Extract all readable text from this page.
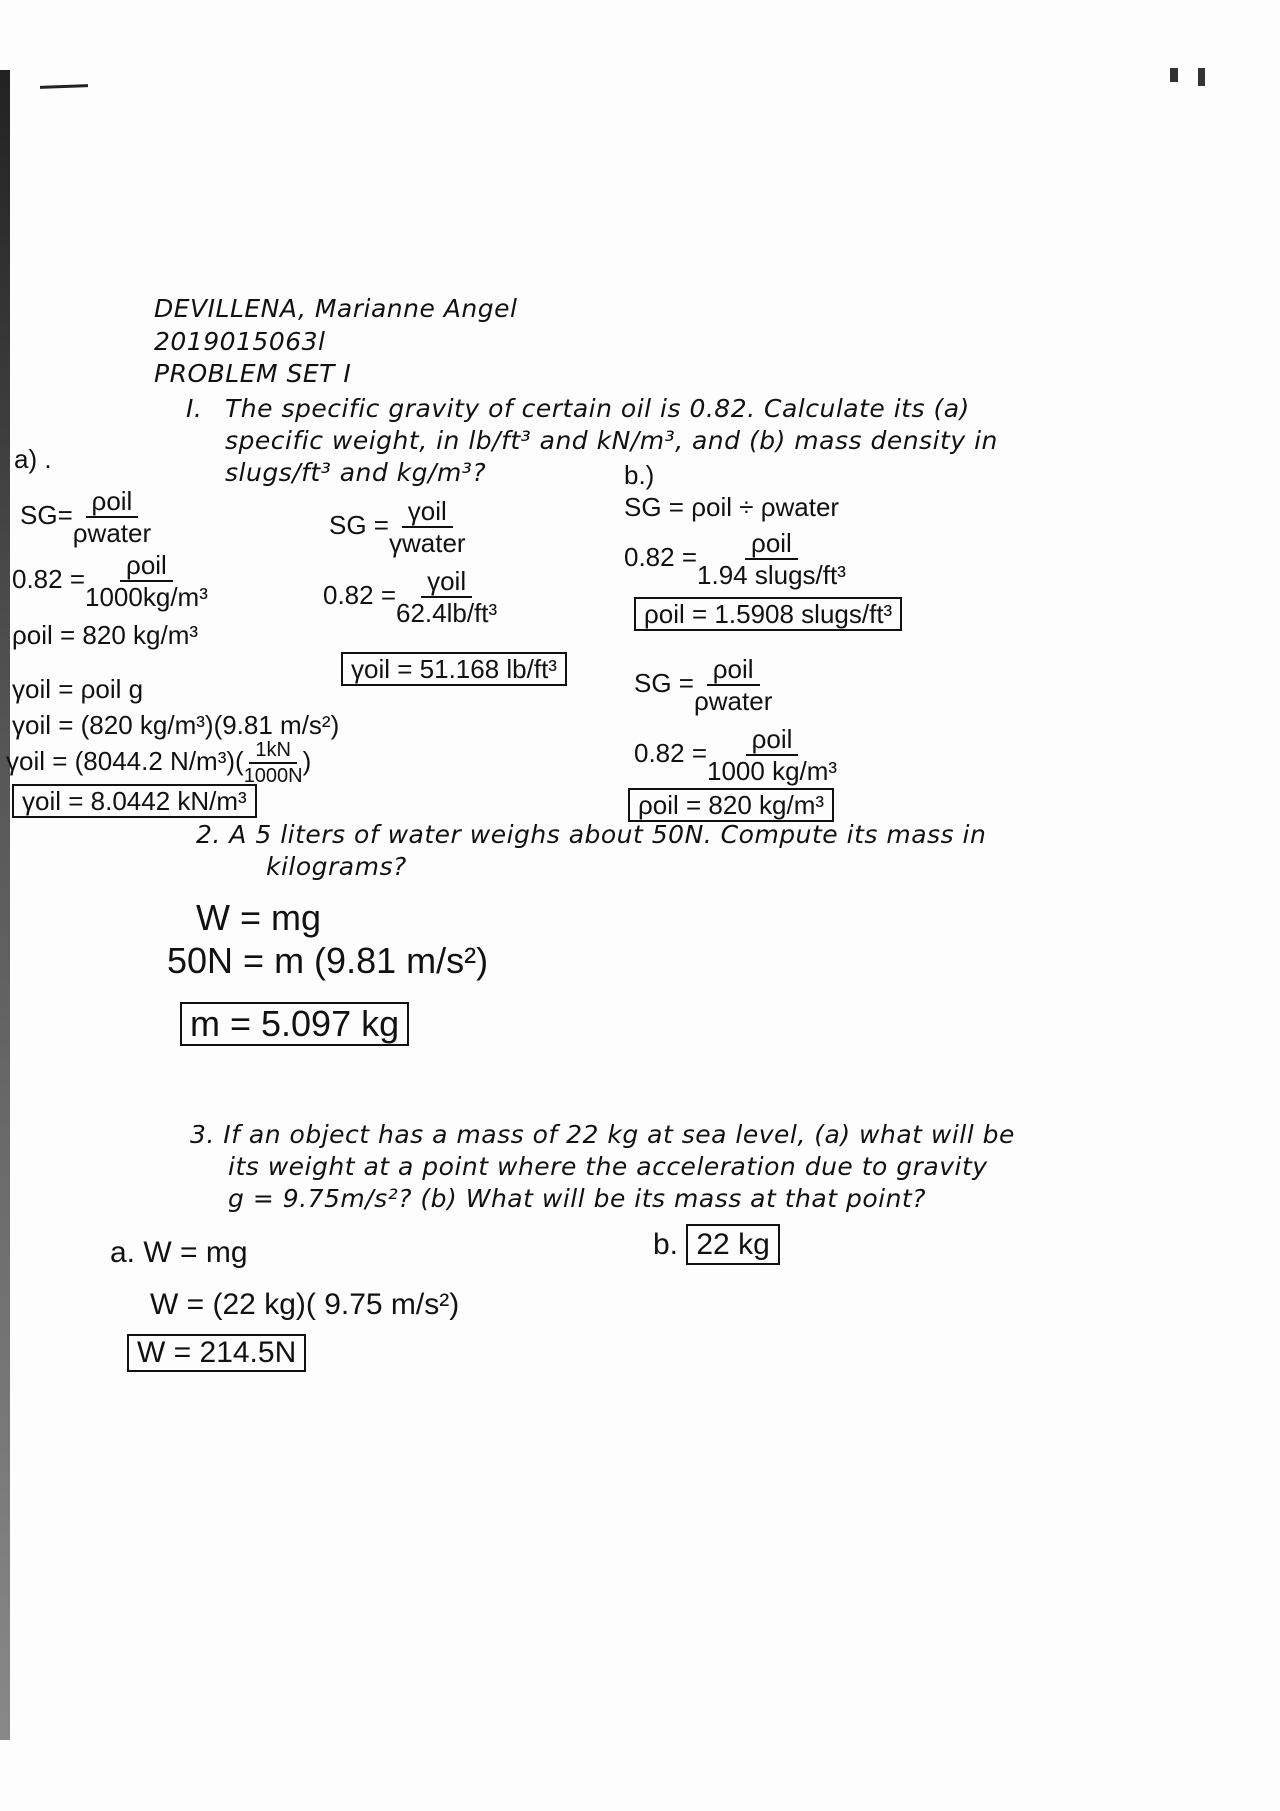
DEVILLENA, Marianne Angel
2019015063l
PROBLEM SET I
I. The specific gravity of certain oil is 0.82. Calculate its (a)
specific weight, in lb/ft³ and kN/m³, and (b) mass density in
slugs/ft³ and kg/m³?
a) .
$SG= \frac{\text{ρoil}}{\text{ρwater}}$
$0.82 = \frac{\text{ρoil}}{\text{1000kg/m³}}$
ρoil = 820 kg/m³
γoil = ρoil g
γoil = (820 kg/m³)(9.81 m/s²)
γoil = (8044.2 $N/m^3)( \frac{1kN}{1000N}$ )
γoil = 8.0442 kN/m³
SG = $\frac{\text{γoil}}{\text{γwater}}$
$0.82 = \frac{\text{γoil}}{\text{62.4lb/ft³}}$
γoil = 51.168 lb/ft³
b.)
SG = ρoil ÷ ρwater
$0.82 = \frac{\text{ρoil}}{\text{1.94 slugs/ft³}}$
ρoil = 1.5908 slugs/ft³
SG = $\frac{\text{ρoil}}{\text{ρwater}}$
$0.82 = \frac{\text{ρoil}}{\text{1000 kg/m³}}$
ρoil = 820 kg/m³
2. A 5 liters of water weighs about 50N. Compute its mass in
kilograms?
W = mg
50N = m (9.81 m/s²)
m = 5.097 kg
3. If an object has a mass of 22 kg at sea level, (a) what will be
its weight at a point where the acceleration due to gravity
g = 9.75m/s²? (b) What will be its mass at that point?
a. W = mg	b. 22 kg
W = (22 kg)( 9.75 m/s²)
W = 214.5N
